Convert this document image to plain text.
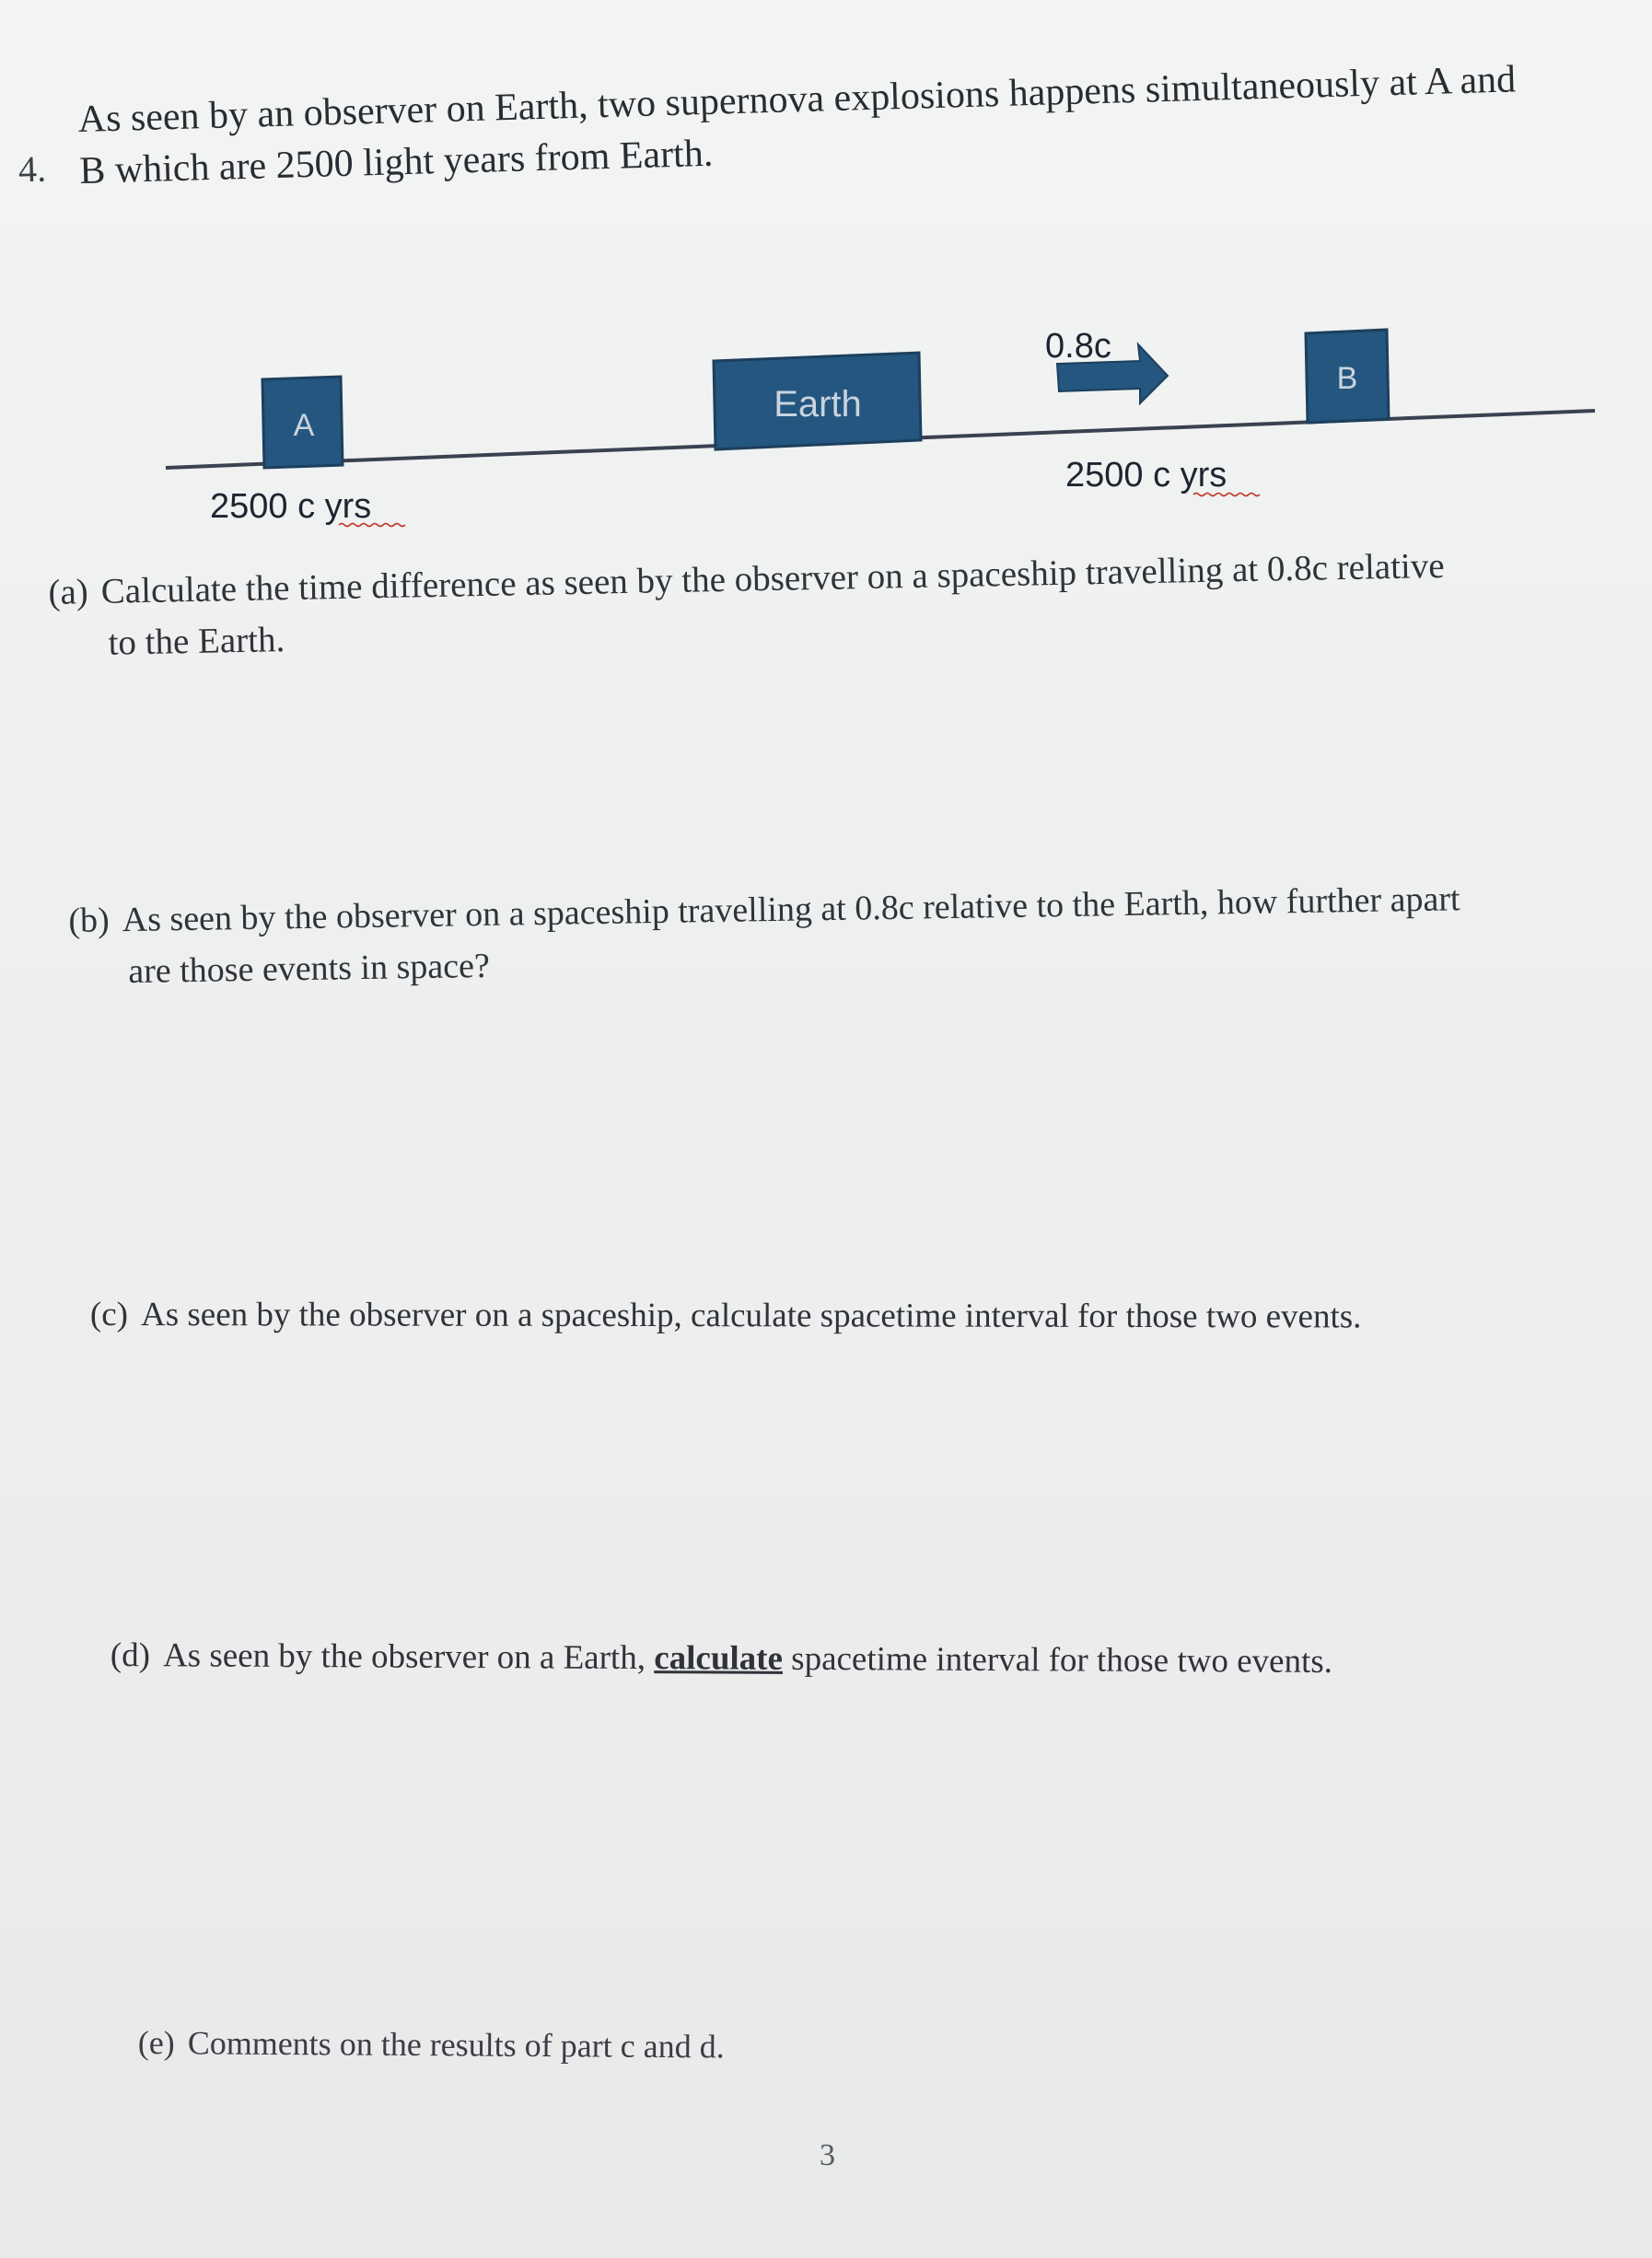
4.
As seen by an observer on Earth, two supernova explosions happens simultaneously at A and
B which are 2500 light years from Earth.
A
Earth
B
0.8c
2500 c yrs
2500 c yrs
(a) Calculate the time difference as seen by the observer on a spaceship travelling at 0.8c relative
to the Earth.
(b) As seen by the observer on a spaceship travelling at 0.8c relative to the Earth, how further apart
are those events in space?
(c) As seen by the observer on a spaceship, calculate spacetime interval for those two events.
(d) As seen by the observer on a Earth, calculate spacetime interval for those two events.
(e) Comments on the results of part c and d.
3
